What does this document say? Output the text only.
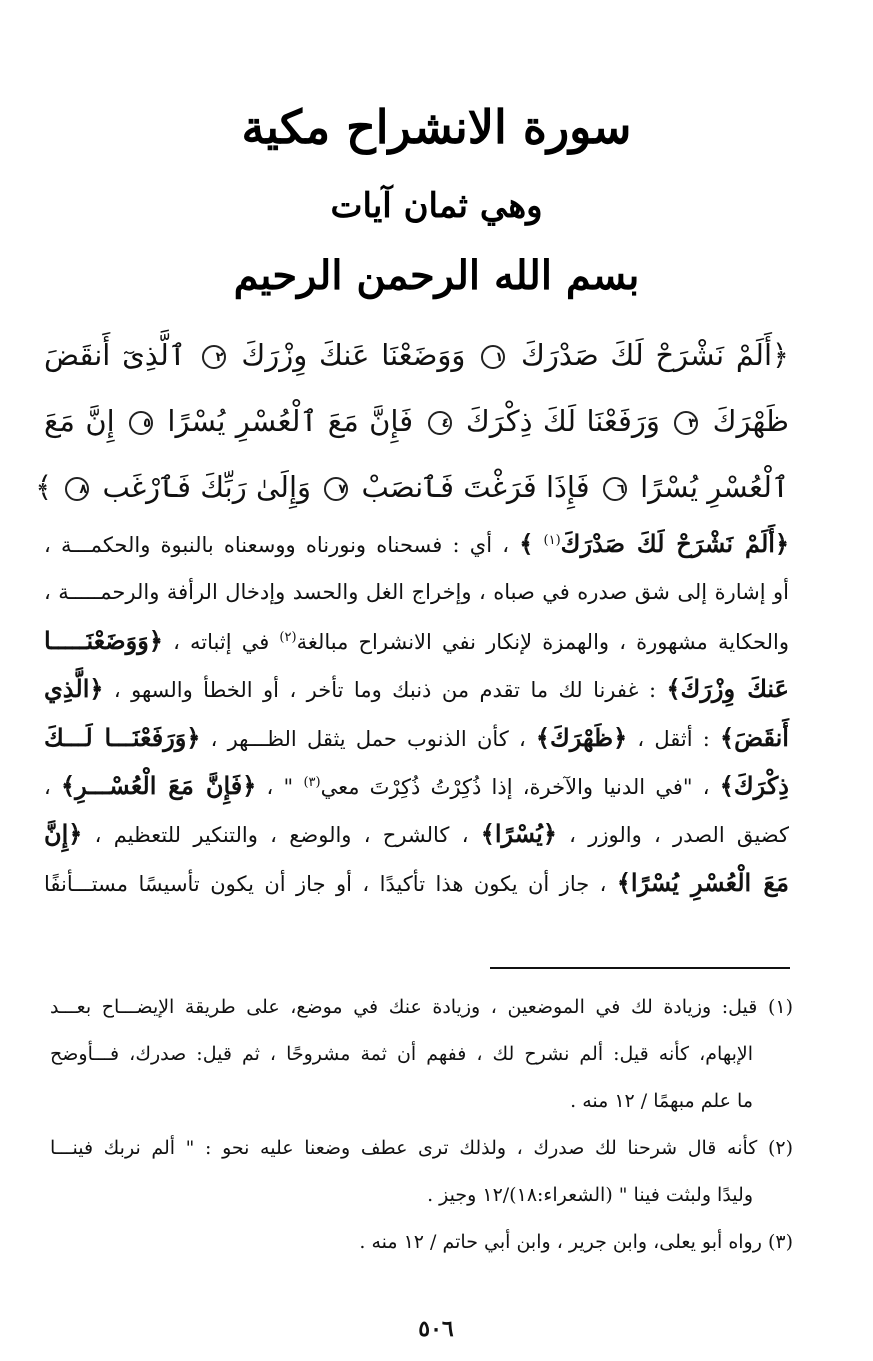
سورة الانشراح مكية
وهي ثمان آيات
بسم الله الرحمن الرحيم
﴿أَلَمْ نَشْرَحْ لَكَ صَدْرَكَ ١ وَوَضَعْنَا عَنكَ وِزْرَكَ ٢ ٱلَّذِىٓ أَنقَضَ
ظَهْرَكَ ٣ وَرَفَعْنَا لَكَ ذِكْرَكَ ٤ فَإِنَّ مَعَ ٱلْعُسْرِ يُسْرًا ٥ إِنَّ مَعَ
ٱلْعُسْرِ يُسْرًا ٦ فَإِذَا فَرَغْتَ فَٱنصَبْ ٧ وَإِلَىٰ رَبِّكَ فَٱرْغَب ٨ ﴾
﴿أَلَمْ نَشْرَحْ لَكَ صَدْرَكَ$^{(١)}$ ﴾ ، أي : فسحناه ونورناه ووسعناه بالنبوة والحكمـــة ،
أو إشارة إلى شق صدره في صباه ، وإخراج الغل والحسد وإدخال الرأفة والرحمـــــة ،
والحكاية مشهورة ، والهمزة لإنكار نفي الانشراح مبالغة$^{(٢)}$ في إثباته ، ﴿وَوَضَعْنَـــــا
عَنكَ وِزْرَكَ﴾ : غفرنا لك ما تقدم من ذنبك وما تأخر ، أو الخطأ والسهو ، ﴿الَّذِي
أَنقَضَ﴾ : أثقل ، ﴿ظَهْرَكَ﴾ ، كأن الذنوب حمل يثقل الظـــهر ، ﴿وَرَفَعْنَـــا لَـــكَ
ذِكْرَكَ﴾ ، "في الدنيا والآخرة، إذا ذُكِرْتُ ذُكِرْتَ معي$^{(٣)}$ " ، ﴿فَإِنَّ مَعَ الْعُسْـــرِ﴾ ،
كضيق الصدر ، والوزر ، ﴿يُسْرًا﴾ ، كالشرح ، والوضع ، والتنكير للتعظيم ، ﴿إِنَّ
مَعَ الْعُسْرِ يُسْرًا﴾ ، جاز أن يكون هذا تأكيدًا ، أو جاز أن يكون تأسيسًا مستـــأنفًا
(١) قيل: وزيادة لك في الموضعين ، وزيادة عنك في موضع، على طريقة الإيضـــاح بعـــد
الإبهام، كأنه قيل: ألم نشرح لك ، ففهم أن ثمة مشروحًا ، ثم قيل: صدرك، فـــأوضح
ما علم مبهمًا / ١٢ منه .
(٢) كأنه قال شرحنا لك صدرك ، ولذلك ترى عطف وضعنا عليه نحو : " ألم نربك فينـــا
وليدًا ولبثت فينا " (الشعراء:١٨)/١٢ وجيز .
(٣) رواه أبو يعلى، وابن جرير ، وابن أبي حاتم / ١٢ منه .
٥٠٦
